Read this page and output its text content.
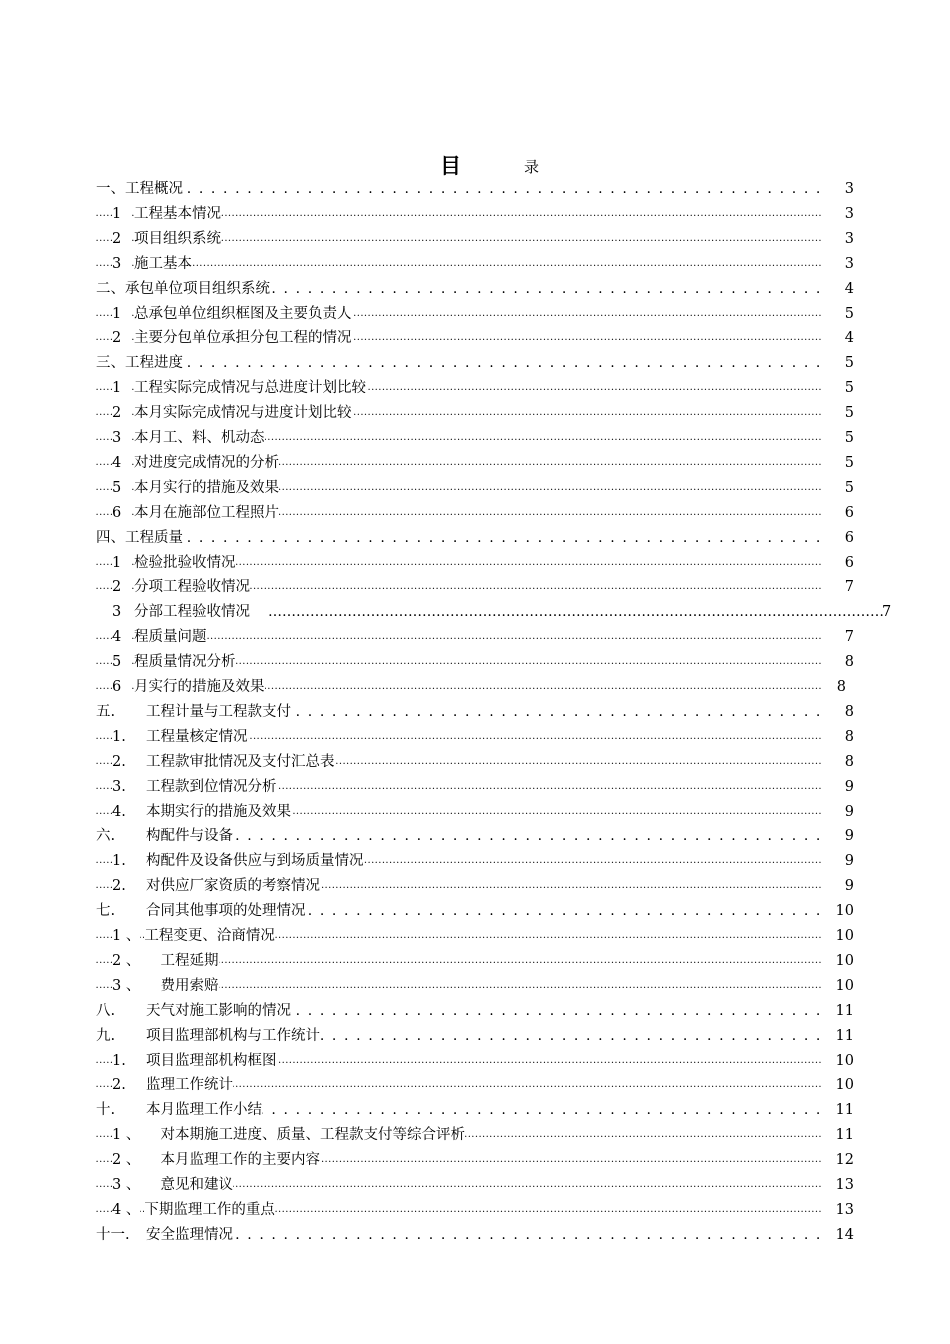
目	录
. . .
一、工程概况	3
.....
1 工程基本情况	3
.....
2 项目组织系统	3
.....
3 施工基本	3
. . .
二、承包单位项目组织系统	4
.....
1 总承包单位组织框图及主要负责人	5
.....
2 主要分包单位承担分包工程的情况	4
. . .
三、工程进度	5
.....
1 工程实际完成情况与总进度计划比较	5
.....
2 本月实际完成情况与进度计划比较	5
.....
3 本月工、料、机动态	5
.....
4 对进度完成情况的分析	5
.....
5 本月实行的措施及效果	5
.....
6 本月在施部位工程照片	6
. . .
四、工程质量	6
.....
1 检验批验收情况	6
.....
2 分项工程验收情况	7
……………………………………………………………………………………………………………………
3 分部工程验收情况	7
.....
4 程质量问题	7
.....
5 程质量情况分析	8
.....
6 月实行的措施及效果	8
. . .
五. 工程计量与工程款支付	8
.....
1. 工程量核定情况	8
.....
2. 工程款审批情况及支付汇总表	8
.....
3. 工程款到位情况分析	9
.....
4. 本期实行的措施及效果	9
. . .
六. 构配件与设备	9
.....
1. 构配件及设备供应与到场质量情况	9
.....
2. 对供应厂家资质的考察情况	9
. . .
七. 合同其他事项的处理情况	10
.....
1 、 工程变更、洽商情况	10
.....
2 、　工程延期	10
.....
3 、　费用索赔	10
. . .
八. 天气对施工影响的情况	11
. . .
九. 项目监理部机构与工作统计	11
.....
1. 项目监理部机构框图	10
.....
2. 监理工作统计	10
. . .
十. 本月监理工作小结	11
.....
1 、　对本期施工进度、质量、工程款支付等综合评析	11
.....
2 、　本月监理工作的主要内容	12
.....
3 、　意见和建议	13
.....
4 、 下期监理工作的重点	13
. . .
十一. 安全监理情况	14
